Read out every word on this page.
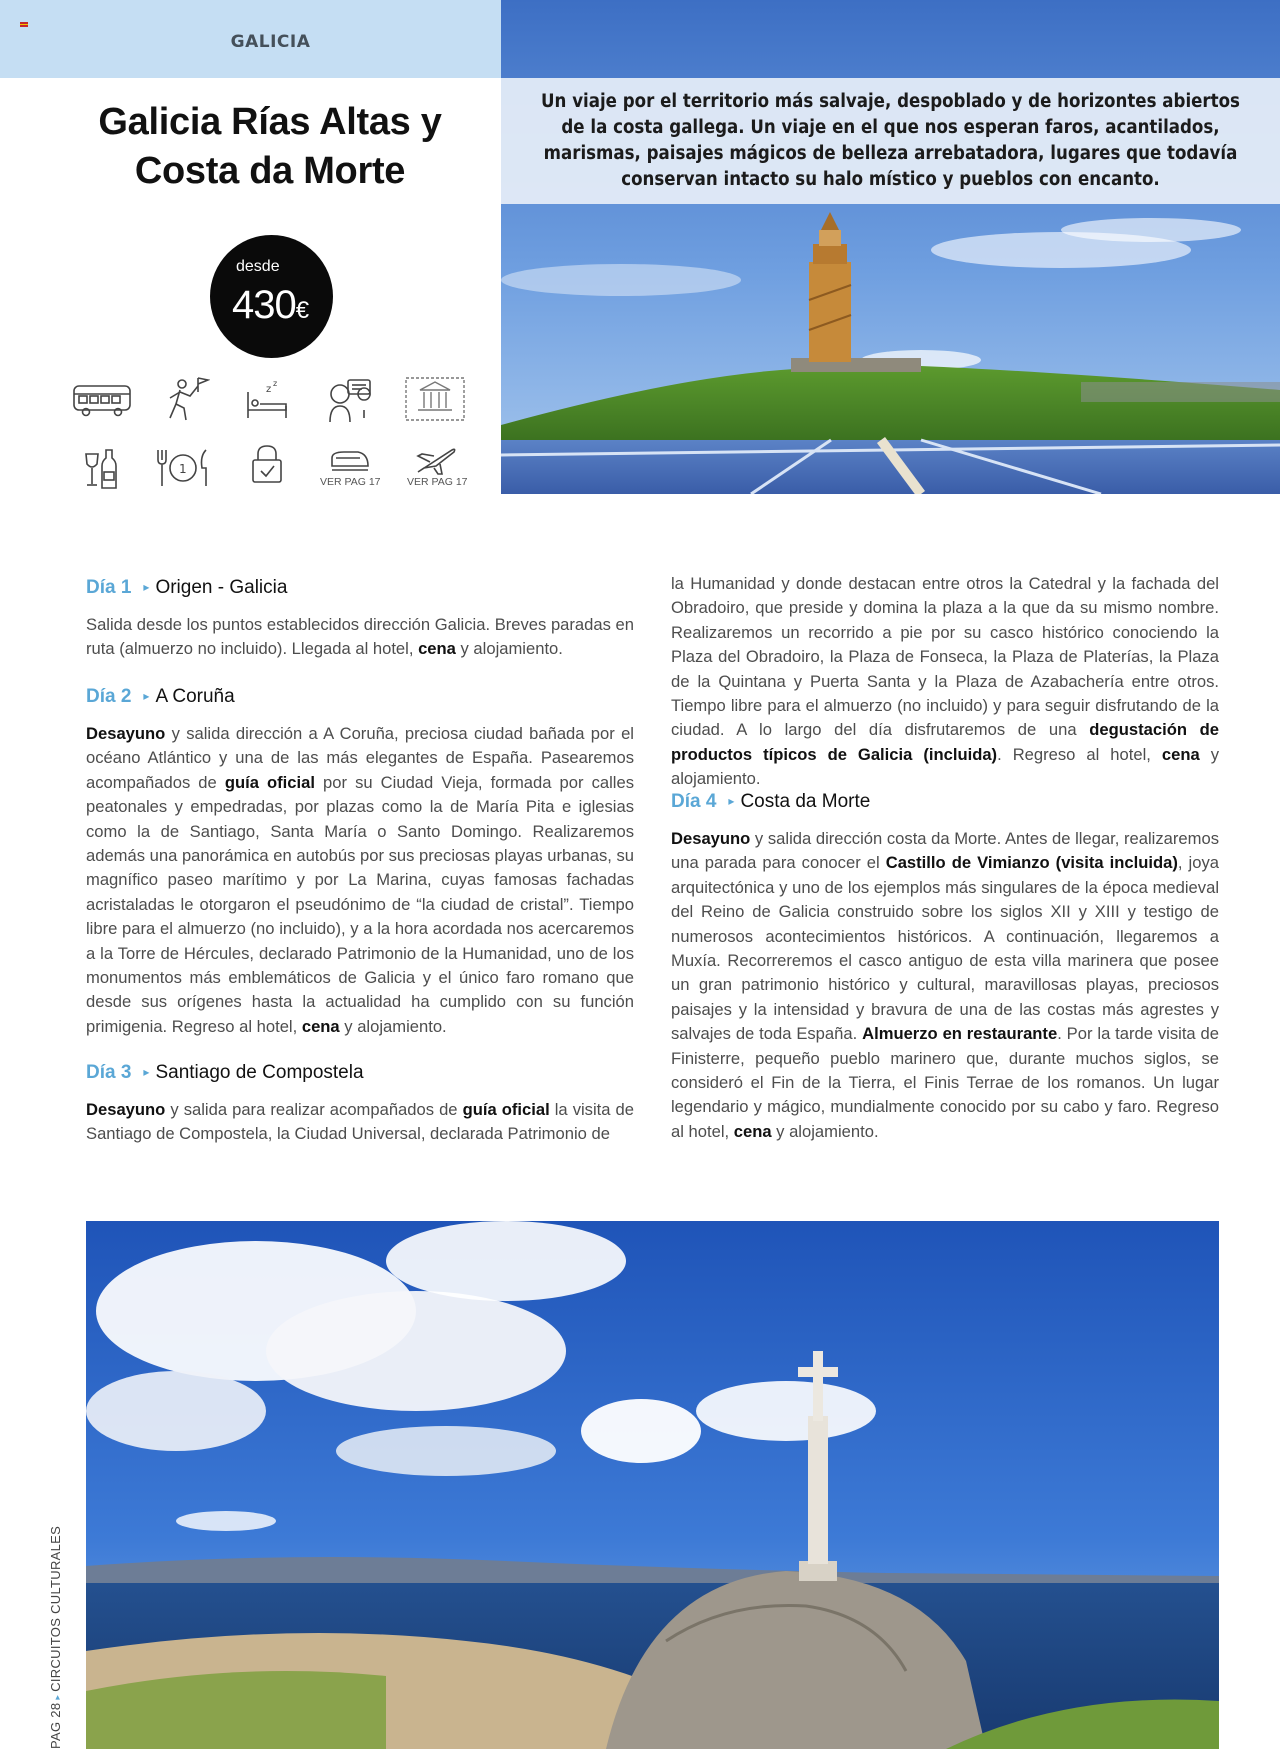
GALICIA

Un viaje por el territorio más salvaje, despoblado y de horizontes abiertos de la costa gallega. Un viaje en el que nos esperan faros, acantilados, marismas, paisajes mágicos de belleza arrebatadora, lugares que todavía conservan intacto su halo místico y pueblos con encanto.

Galicia Rías Altas y
Costa da Morte
desde
430€
z
z
1
VER PAG 17	VER PAG 17
Día 1 ▸ Origen - Galicia

Salida desde los puntos establecidos dirección Galicia. Breves paradas en ruta (almuerzo no incluido). Llegada al hotel, cena y alojamiento.

Día 2 ▸ A Coruña

Desayuno y salida dirección a A Coruña, preciosa ciudad bañada por el océano Atlántico y una de las más elegantes de España. Pasearemos acompañados de guía oficial por su Ciudad Vieja, formada por calles peatonales y empedradas, por plazas como la de María Pita e iglesias como la de Santiago, Santa María o Santo Domingo. Realizaremos además una panorámica en autobús por sus preciosas playas urbanas, su magnífico paseo marítimo y por La Marina, cuyas famosas fachadas acristaladas le otorgaron el pseudónimo de “la ciudad de cristal”. Tiempo libre para el almuerzo (no incluido), y a la hora acordada nos acercaremos a la Torre de Hércules, declarado Patrimonio de la Humanidad, uno de los monumentos más emblemáticos de Galicia y el único faro romano que desde sus orígenes hasta la actualidad ha cumplido con su función primigenia. Regreso al hotel, cena y alojamiento.

Día 3 ▸ Santiago de Compostela

Desayuno y salida para realizar acompañados de guía oficial la visita de Santiago de Compostela, la Ciudad Universal, declarada Patrimonio de

la Humanidad y donde destacan entre otros la Catedral y la fachada del Obradoiro, que preside y domina la plaza a la que da su mismo nombre. Realizaremos un recorrido a pie por su casco histórico conociendo la Plaza del Obradoiro, la Plaza de Fonseca, la Plaza de Platerías, la Plaza de la Quintana y Puerta Santa y la Plaza de Azabachería entre otros. Tiempo libre para el almuerzo (no incluido) y para seguir disfrutando de la ciudad. A lo largo del día disfrutaremos de una degustación de productos típicos de Galicia (incluida). Regreso al hotel, cena y alojamiento.

Día 4 ▸ Costa da Morte

Desayuno y salida dirección costa da Morte. Antes de llegar, realizaremos una parada para conocer el Castillo de Vimianzo (visita incluida), joya arquitectónica y uno de los ejemplos más singulares de la época medieval del Reino de Galicia construido sobre los siglos XII y XIII y testigo de numerosos acontecimientos históricos. A continuación, llegaremos a Muxía. Recorreremos el casco antiguo de esta villa marinera que posee un gran patrimonio histórico y cultural, maravillosas playas, preciosos paisajes y la intensidad y bravura de una de las costas más agrestes y salvajes de toda España. Almuerzo en restaurante. Por la tarde visita de Finisterre, pequeño pueblo marinero que, durante muchos siglos, se consideró el Fin de la Tierra, el Finis Terrae de los romanos. Un lugar legendario y mágico, mundialmente conocido por su cabo y faro. Regreso al hotel, cena y alojamiento.

PAG 28▸CIRCUITOS CULTURALES
